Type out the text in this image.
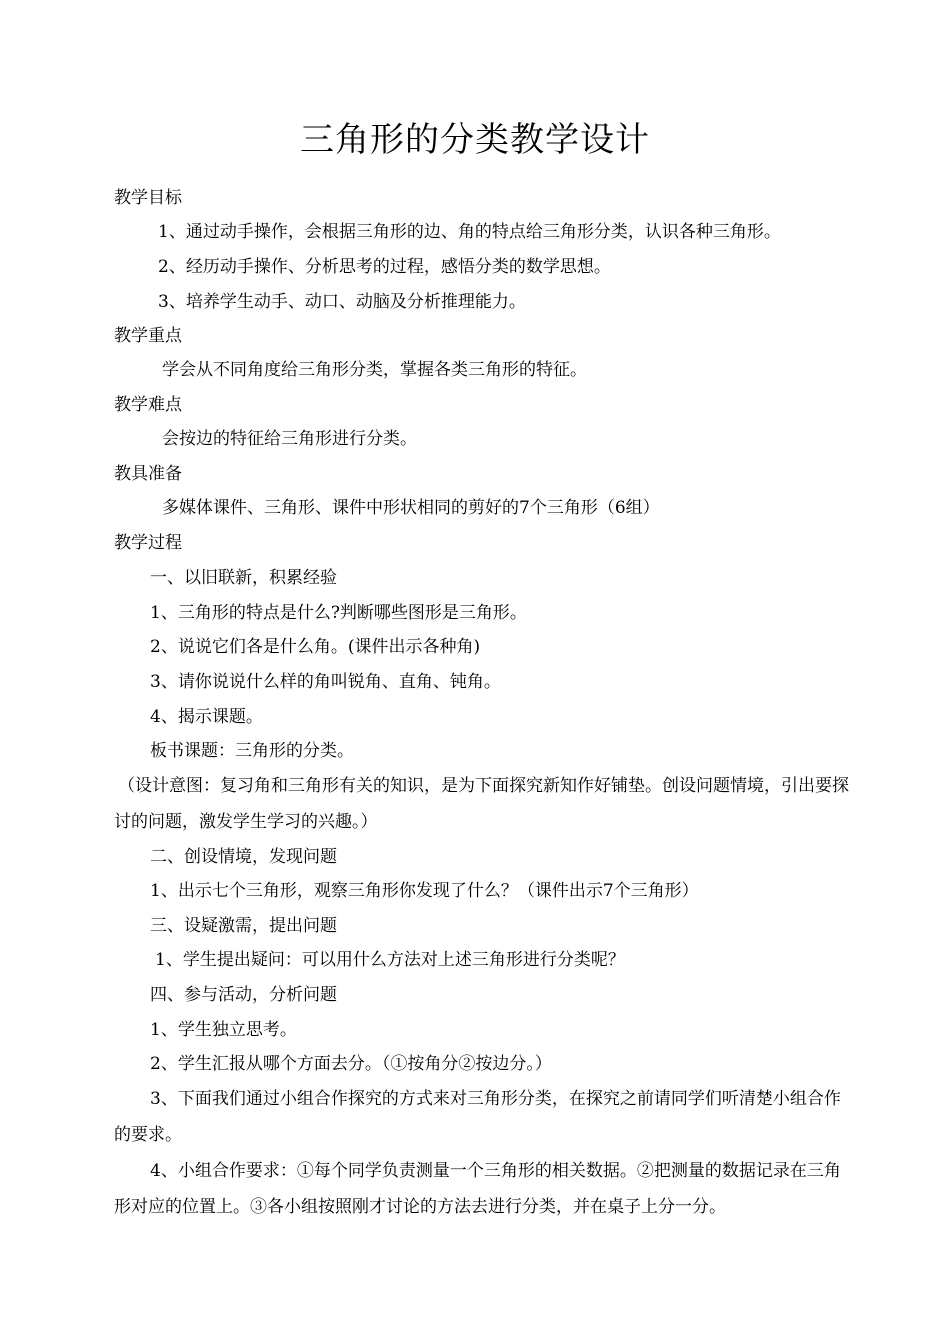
三角形的分类教学设计
教学目标
1、通过动手操作，会根据三角形的边、角的特点给三角形分类，认识各种三角形。
2、经历动手操作、分析思考的过程，感悟分类的数学思想。
3、培养学生动手、动口、动脑及分析推理能力。
教学重点
学会从不同角度给三角形分类，掌握各类三角形的特征。
教学难点
会按边的特征给三角形进行分类。
教具准备
多媒体课件、三角形、课件中形状相同的剪好的7个三角形（6组）
教学过程
一、以旧联新，积累经验
1、三角形的特点是什么?判断哪些图形是三角形。
2、说说它们各是什么角。(课件出示各种角)
3、请你说说什么样的角叫锐角、直角、钝角。
4、揭示课题。
板书课题：三角形的分类。
（设计意图：复习角和三角形有关的知识，是为下面探究新知作好铺垫。创设问题情境，引出要探讨的问题，激发学生学习的兴趣。）
二、创设情境，发现问题
1、出示七个三角形，观察三角形你发现了什么？（课件出示7个三角形）
三、设疑激需，提出问题
1、学生提出疑问：可以用什么方法对上述三角形进行分类呢？
四、参与活动，分析问题
1、学生独立思考。
2、学生汇报从哪个方面去分。（①按角分②按边分。）
3、下面我们通过小组合作探究的方式来对三角形分类，在探究之前请同学们听清楚小组合作的要求。
4、小组合作要求：①每个同学负责测量一个三角形的相关数据。②把测量的数据记录在三角形对应的位置上。③各小组按照刚才讨论的方法去进行分类，并在桌子上分一分。
